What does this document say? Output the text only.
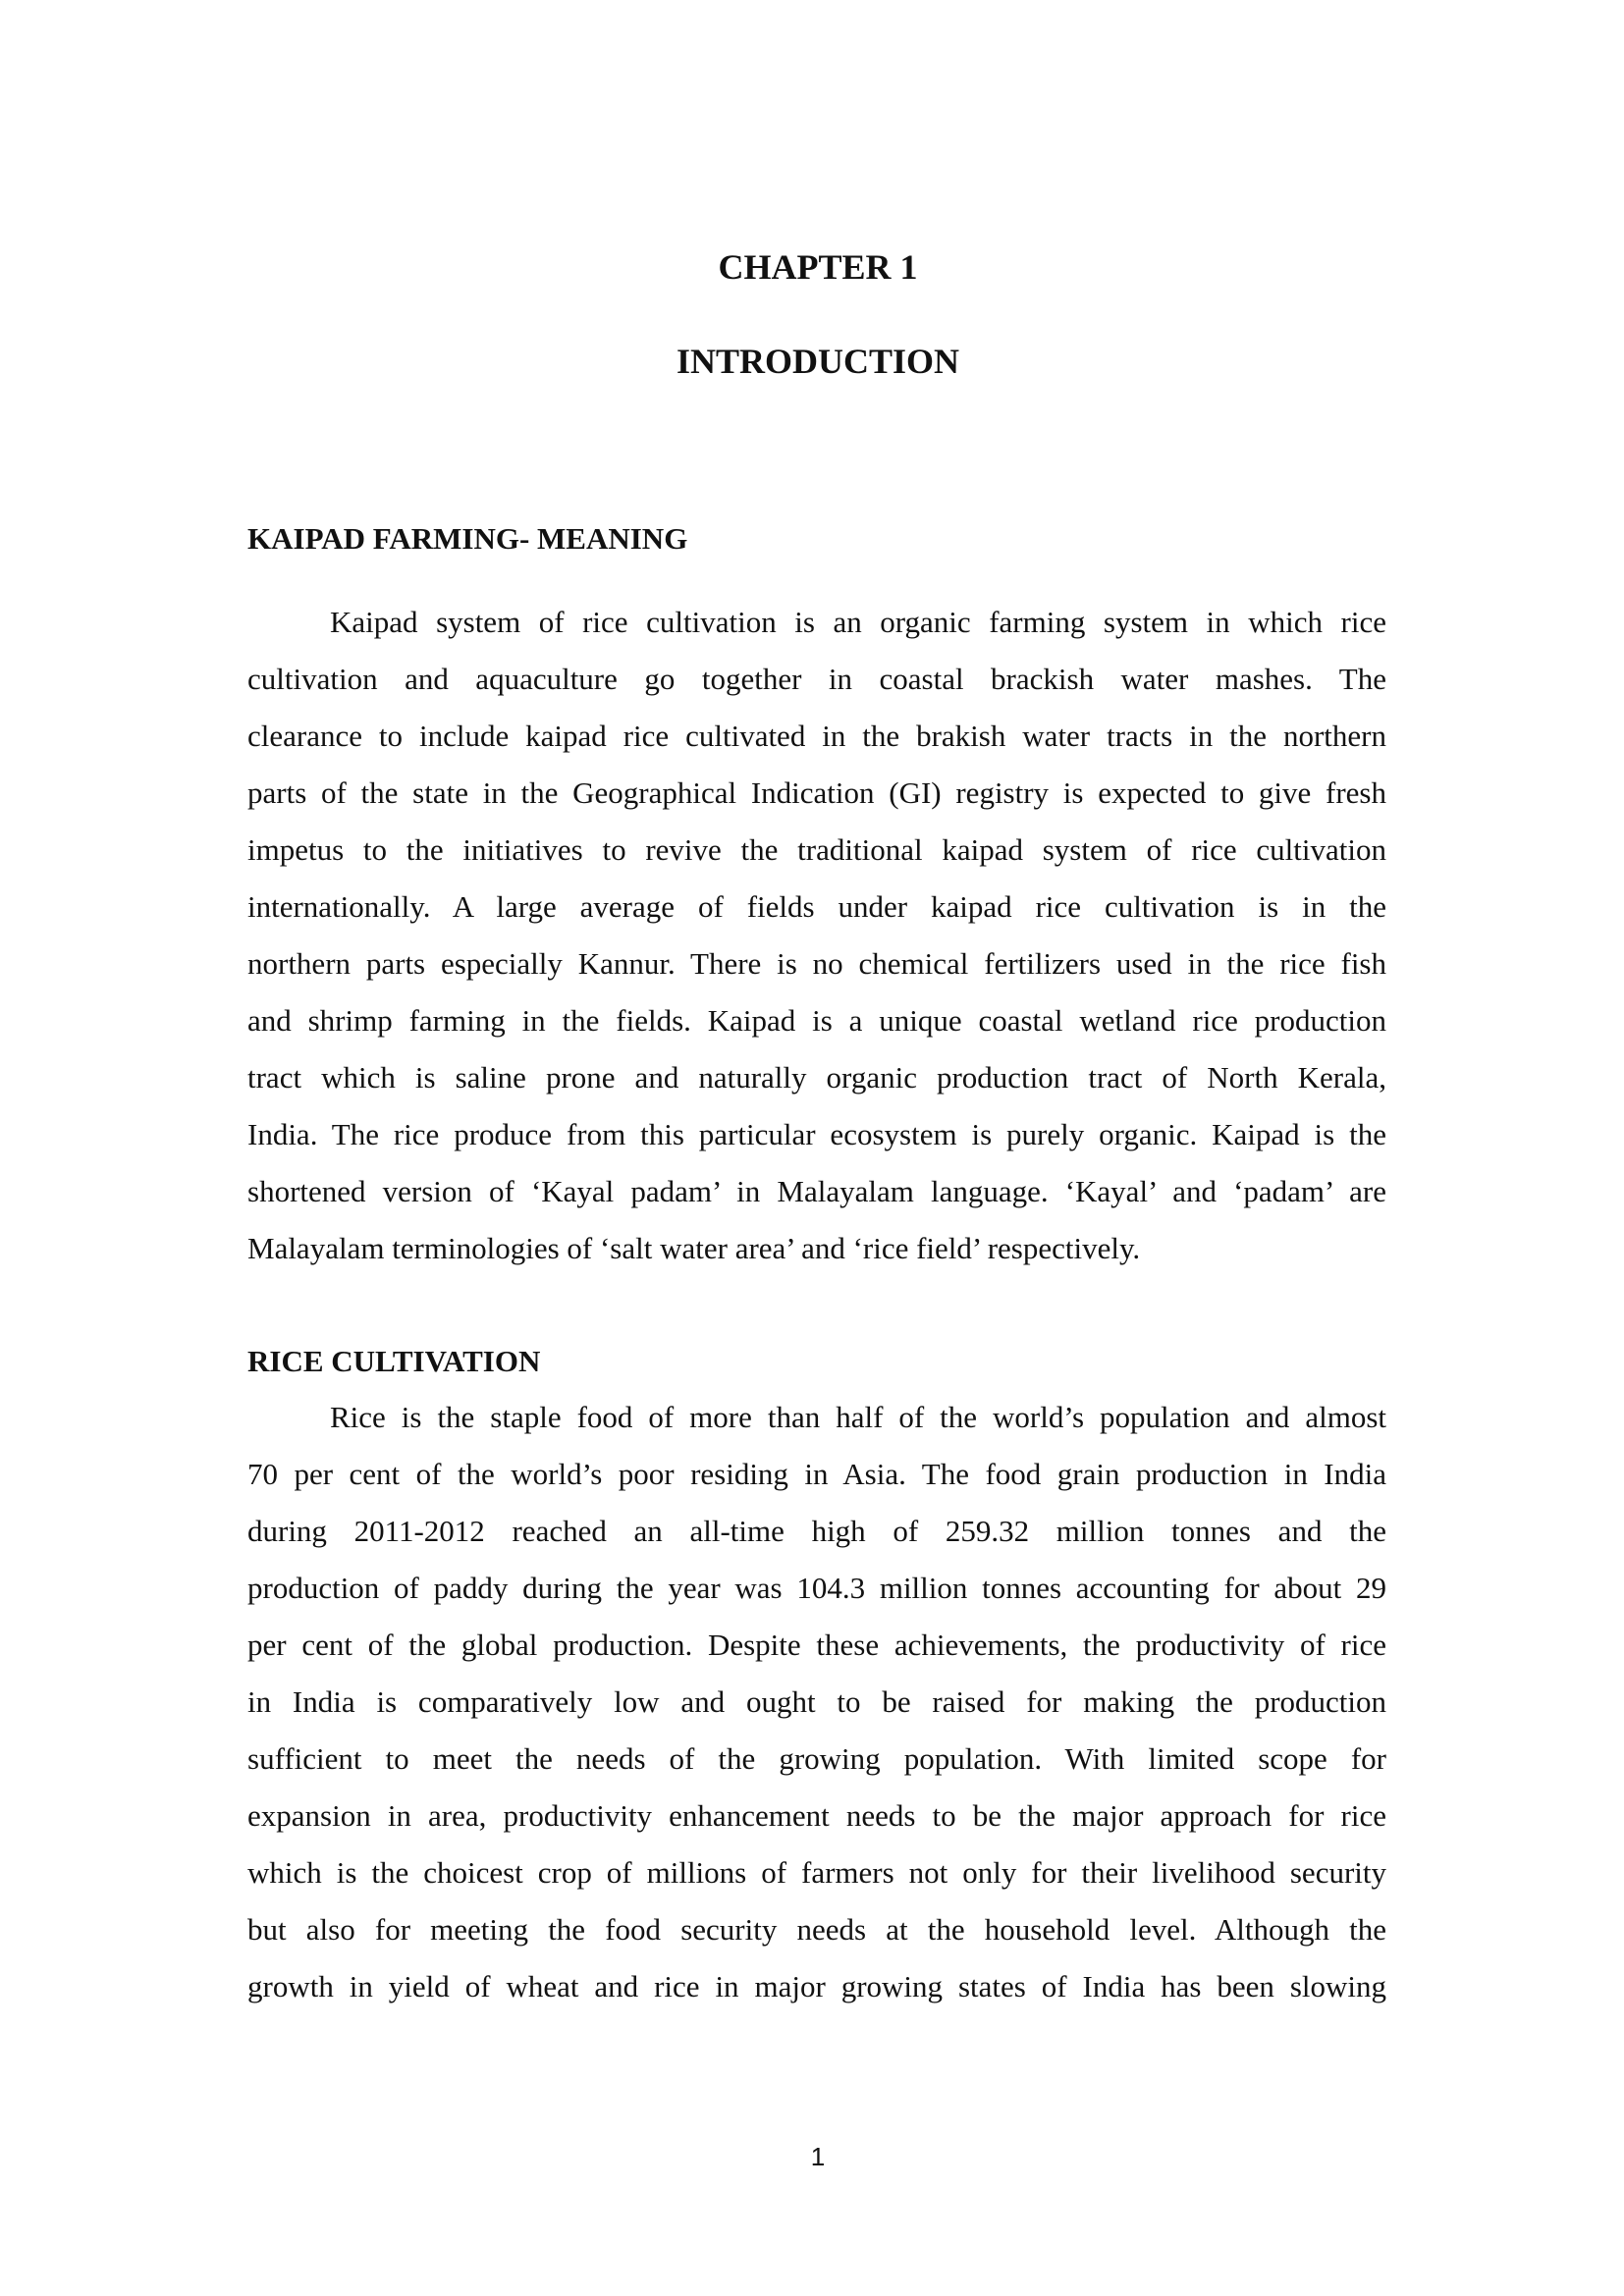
CHAPTER 1
INTRODUCTION
KAIPAD FARMING- MEANING
Kaipad system of rice cultivation is an organic farming system in which rice
cultivation and aquaculture go together in coastal brackish water mashes. The
clearance to include kaipad rice cultivated in the brakish water tracts in the northern
parts of the state in the Geographical Indication (GI) registry is expected to give fresh
impetus to the initiatives to revive the traditional kaipad system of rice cultivation
internationally. A large average of fields under kaipad rice cultivation is in the
northern parts especially Kannur. There is no chemical fertilizers used in the rice fish
and shrimp farming in the fields. Kaipad is a unique coastal wetland rice production
tract which is saline prone and naturally organic production tract of North Kerala,
India. The rice produce from this particular ecosystem is purely organic. Kaipad is the
shortened version of ‘Kayal padam’ in Malayalam language. ‘Kayal’ and ‘padam’ are
Malayalam terminologies of ‘salt water area’ and ‘rice field’ respectively.
RICE CULTIVATION
Rice is the staple food of more than half of the world’s population and almost
70 per cent of the world’s poor residing in Asia. The food grain production in India
during 2011-2012 reached an all-time high of 259.32 million tonnes and the
production of paddy during the year was 104.3 million tonnes accounting for about 29
per cent of the global production. Despite these achievements, the productivity of rice
in India is comparatively low and ought to be raised for making the production
sufficient to meet the needs of the growing population. With limited scope for
expansion in area, productivity enhancement needs to be the major approach for rice
which is the choicest crop of millions of farmers not only for their livelihood security
but also for meeting the food security needs at the household level. Although the
growth in yield of wheat and rice in major growing states of India has been slowing
1
